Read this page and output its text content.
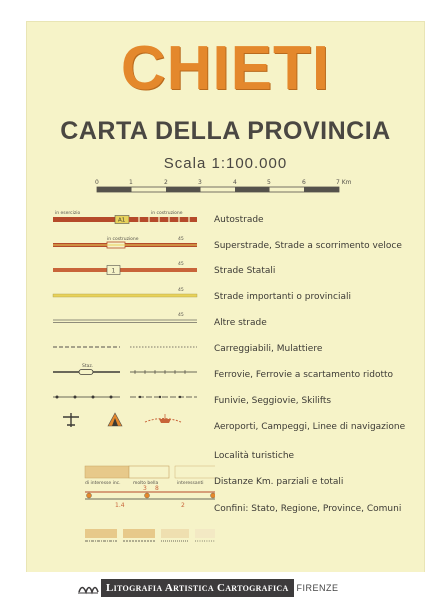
CHIETI
CARTA DELLA PROVINCIA
Scala 1:100.000
0	1	2	3	4	5	6	7 Km
in esercizio	in costruzione
A1
in costruzione	45
45
1
45
45
Staz.
di interesse inc.	molto bella	interessanti
1.4
3 8
2
Autostrade
Superstrade, Strade a scorrimento veloce
Strade Statali
Strade importanti o provinciali
Altre strade
Carreggiabili, Mulattiere
Ferrovie, Ferrovie a scartamento ridotto
Funivie, Seggiovie, Skilifts
Aeroporti, Campeggi, Linee di navigazione
Località turistiche
Distanze Km. parziali e totali
Confini: Stato, Regione, Province, Comuni
Litografia Artistica Cartografica FIRENZE
